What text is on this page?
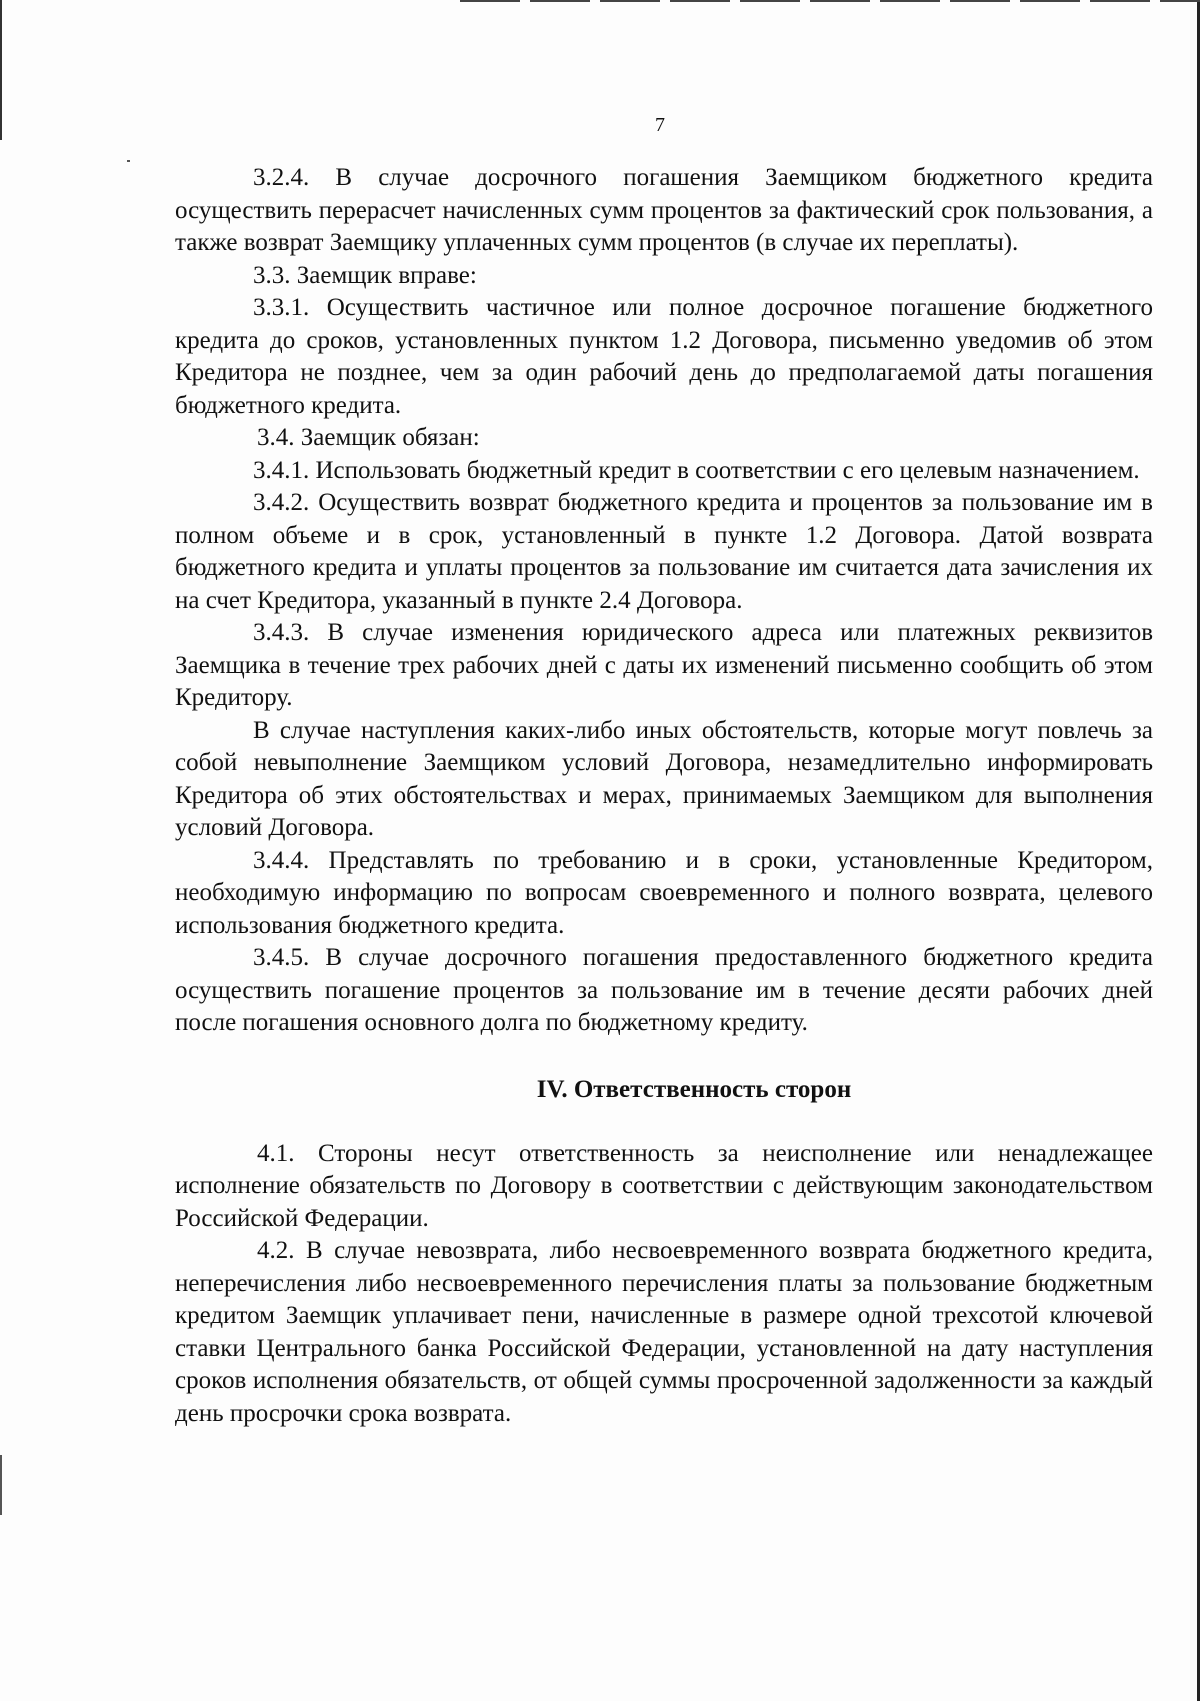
7

3.2.4. В случае досрочного погашения Заемщиком бюджетного кредита осуществить перерасчет начисленных сумм процентов за фактический срок пользования, а также возврат Заемщику уплаченных сумм процентов (в случае их переплаты).

3.3. Заемщик вправе:

3.3.1. Осуществить частичное или полное досрочное погашение бюджетного кредита до сроков, установленных пунктом 1.2 Договора, письменно уведомив об этом Кредитора не позднее, чем за один рабочий день до предполагаемой даты погашения бюджетного кредита.

3.4. Заемщик обязан:

3.4.1. Использовать бюджетный кредит в соответствии с его целевым назначением.

3.4.2. Осуществить возврат бюджетного кредита и процентов за пользование им в полном объеме и в срок, установленный в пункте 1.2 Договора. Датой возврата бюджетного кредита и уплаты процентов за пользование им считается дата зачисления их на счет Кредитора, указанный в пункте 2.4 Договора.

3.4.3. В случае изменения юридического адреса или платежных реквизитов Заемщика в течение трех рабочих дней с даты их изменений письменно сообщить об этом Кредитору.

В случае наступления каких-либо иных обстоятельств, которые могут повлечь за собой невыполнение Заемщиком условий Договора, незамедлительно информировать Кредитора об этих обстоятельствах и мерах, принимаемых Заемщиком для выполнения условий Договора.

3.4.4. Представлять по требованию и в сроки, установленные Кредитором, необходимую информацию по вопросам своевременного и полного возврата, целевого использования бюджетного кредита.

3.4.5. В случае досрочного погашения предоставленного бюджетного кредита осуществить погашение процентов за пользование им в течение десяти рабочих дней после погашения основного долга по бюджетному кредиту.

IV. Ответственность сторон

4.1. Стороны несут ответственность за неисполнение или ненадлежащее исполнение обязательств по Договору в соответствии с действующим законодательством Российской Федерации.

4.2. В случае невозврата, либо несвоевременного возврата бюджетного кредита, неперечисления либо несвоевременного перечисления платы за пользование бюджетным кредитом Заемщик уплачивает пени, начисленные в размере одной трехсотой ключевой ставки Центрального банка Российской Федерации, установленной на дату наступления сроков исполнения обязательств, от общей суммы просроченной задолженности за каждый день просрочки срока возврата.
